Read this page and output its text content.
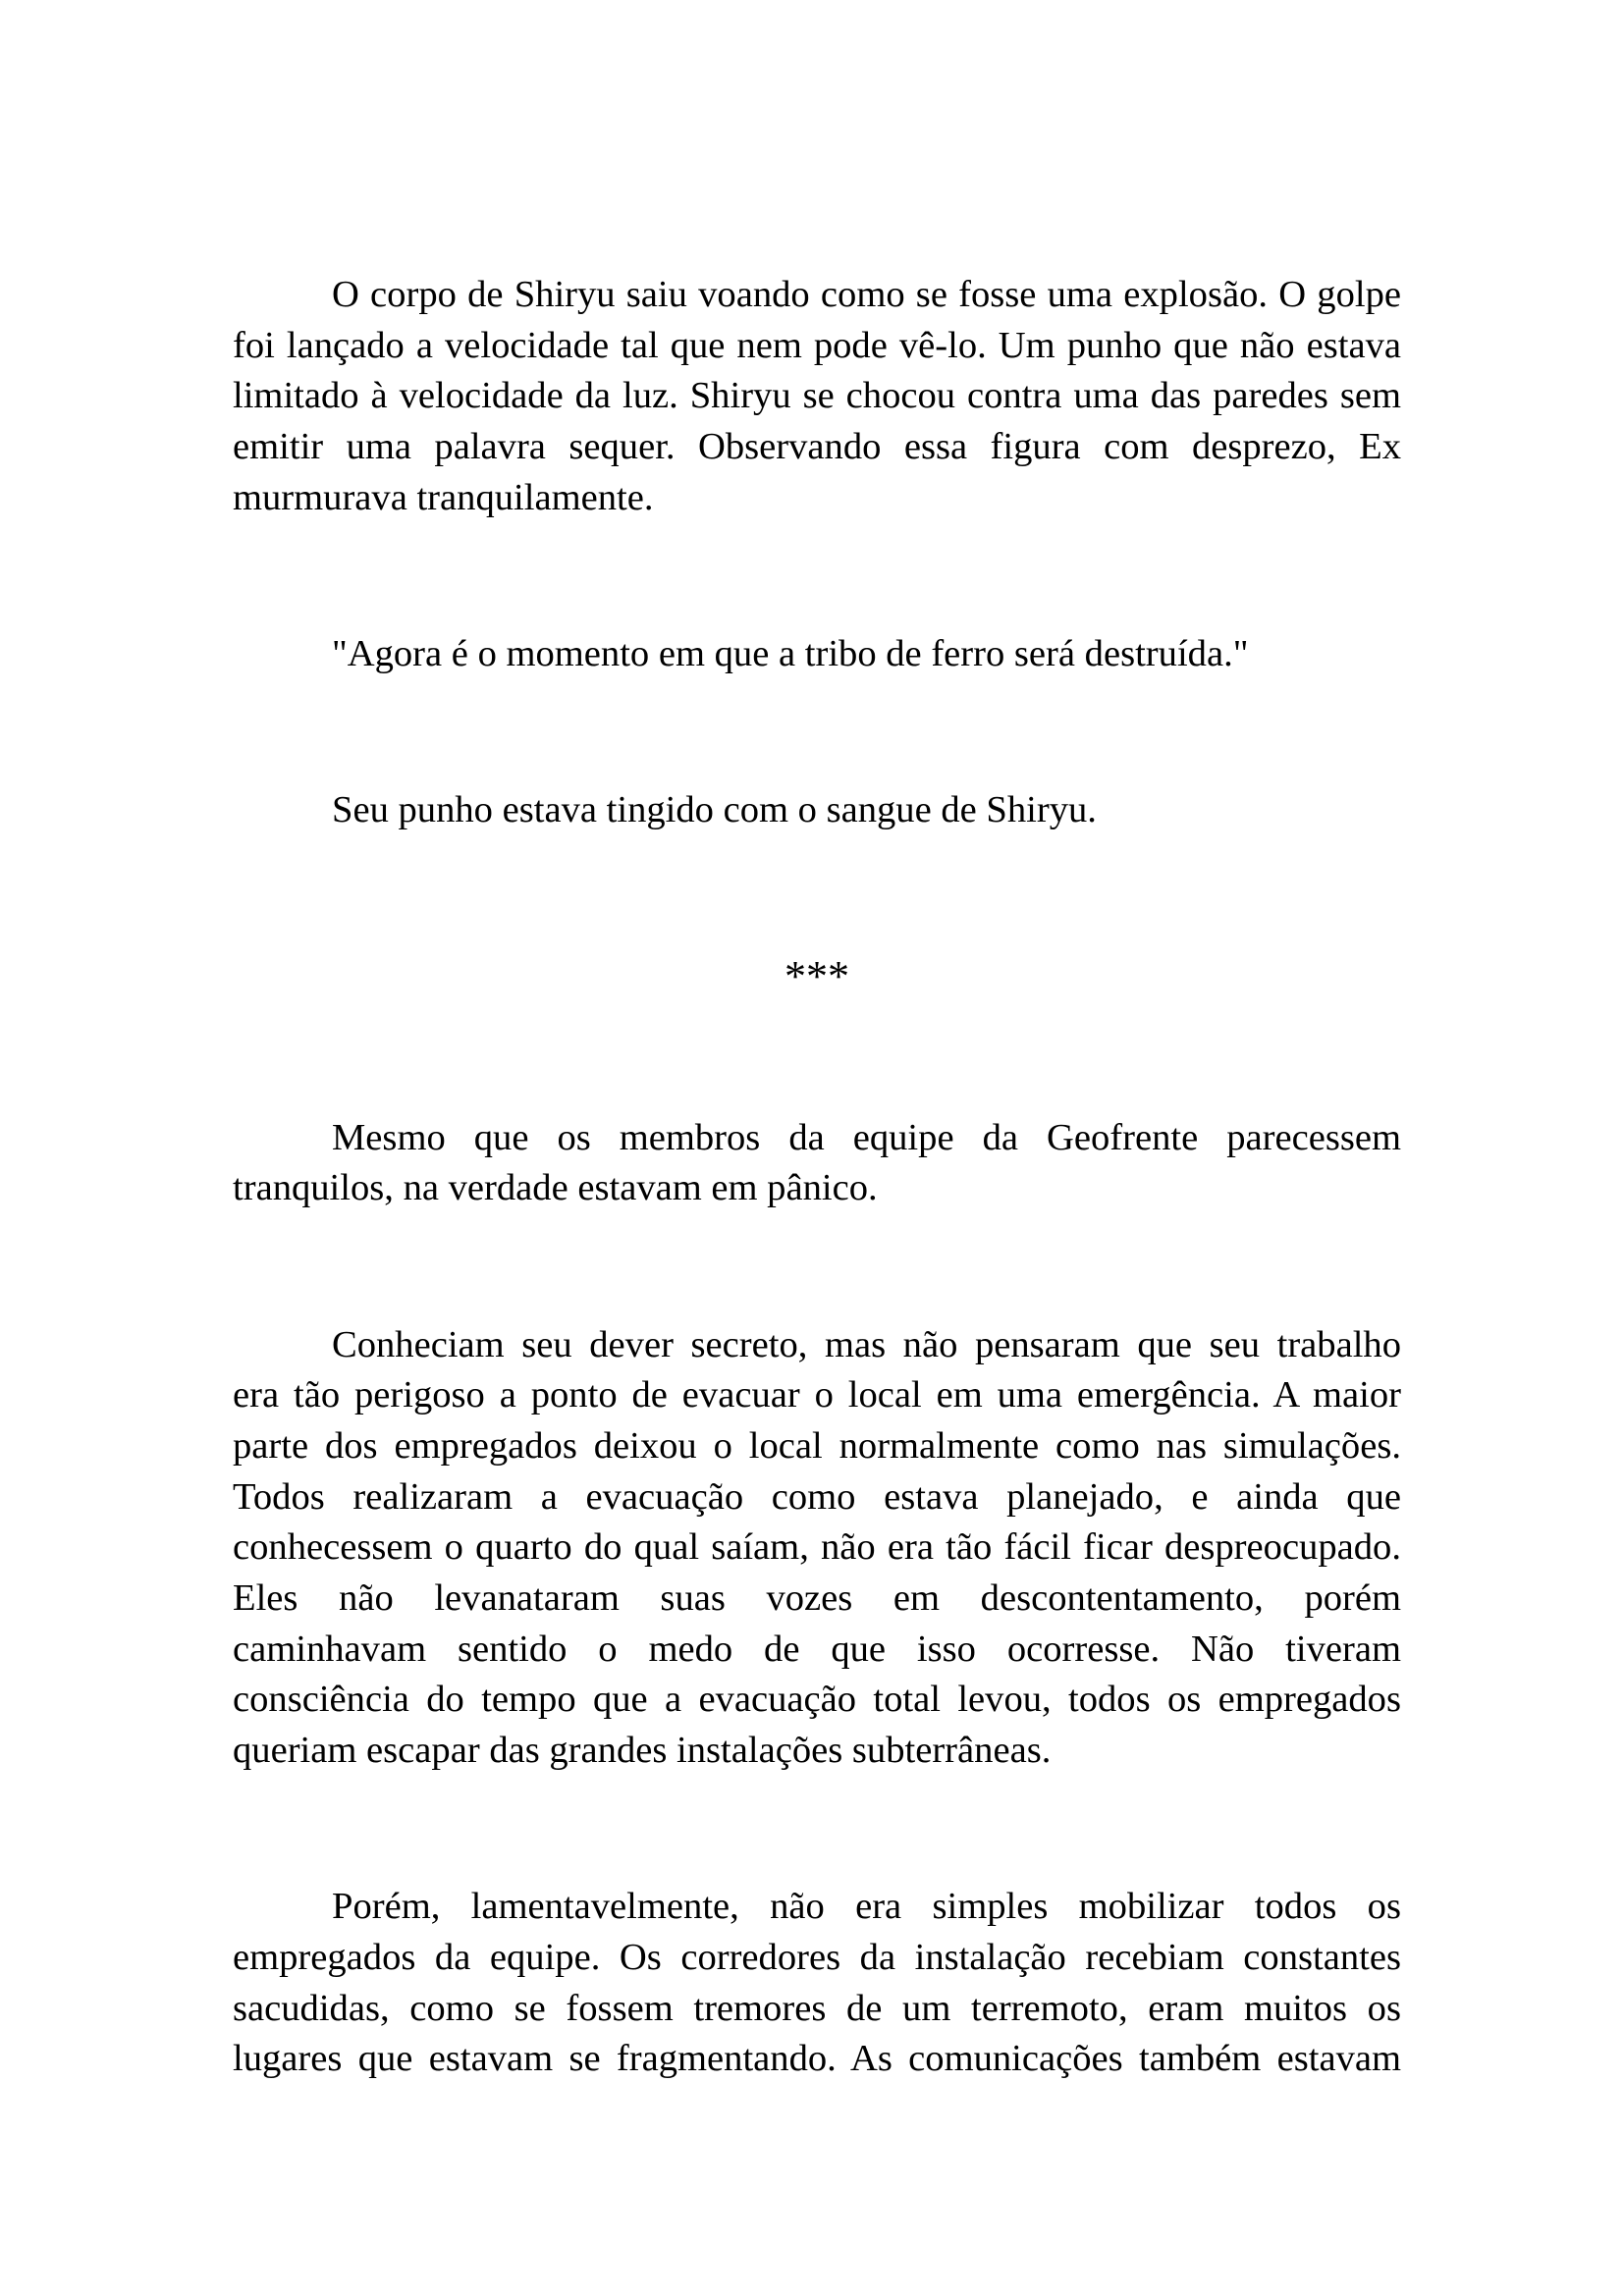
O corpo de Shiryu saiu voando como se fosse uma explosão. O golpe
foi lançado a velocidade tal que nem pode vê-lo. Um punho que não estava
limitado à velocidade da luz. Shiryu se chocou contra uma das paredes sem
emitir uma palavra sequer. Observando essa figura com desprezo, Ex
murmurava tranquilamente.
"Agora é o momento em que a tribo de ferro será destruída."
Seu punho estava tingido com o sangue de Shiryu.
***
Mesmo que os membros da equipe da Geofrente parecessem
tranquilos, na verdade estavam em pânico.
Conheciam seu dever secreto, mas não pensaram que seu trabalho
era tão perigoso a ponto de evacuar o local em uma emergência. A maior
parte dos empregados deixou o local normalmente como nas simulações.
Todos realizaram a evacuação como estava planejado, e ainda que
conhecessem o quarto do qual saíam, não era tão fácil ficar despreocupado.
Eles não levanataram suas vozes em descontentamento, porém
caminhavam sentido o medo de que isso ocorresse. Não tiveram
consciência do tempo que a evacuação total levou, todos os empregados
queriam escapar das grandes instalações subterrâneas.
Porém, lamentavelmente, não era simples mobilizar todos os
empregados da equipe. Os corredores da instalação recebiam constantes
sacudidas, como se fossem tremores de um terremoto, eram muitos os
lugares que estavam se fragmentando. As comunicações também estavam
